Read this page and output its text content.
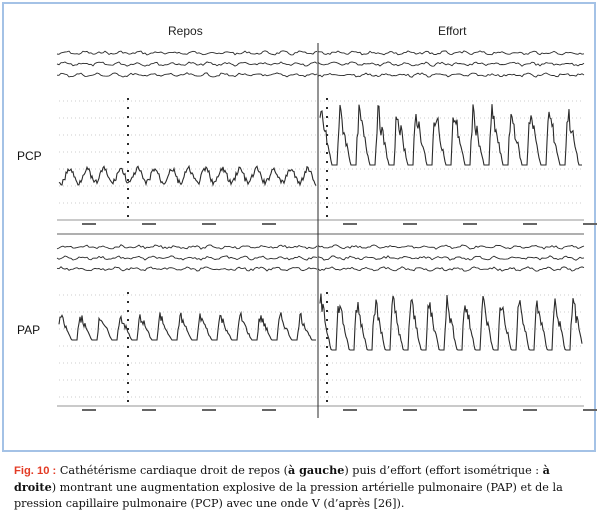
Repos	Effort
PCP
PAP
Fig. 10 : Cathétérisme cardiaque droit de repos (à gauche) puis d’effort (effort isométrique : à droite) montrant une augmentation explosive de la pression artérielle pulmonaire (PAP) et de la pression capillaire pulmonaire (PCP) avec une onde V (d’après [26]).
